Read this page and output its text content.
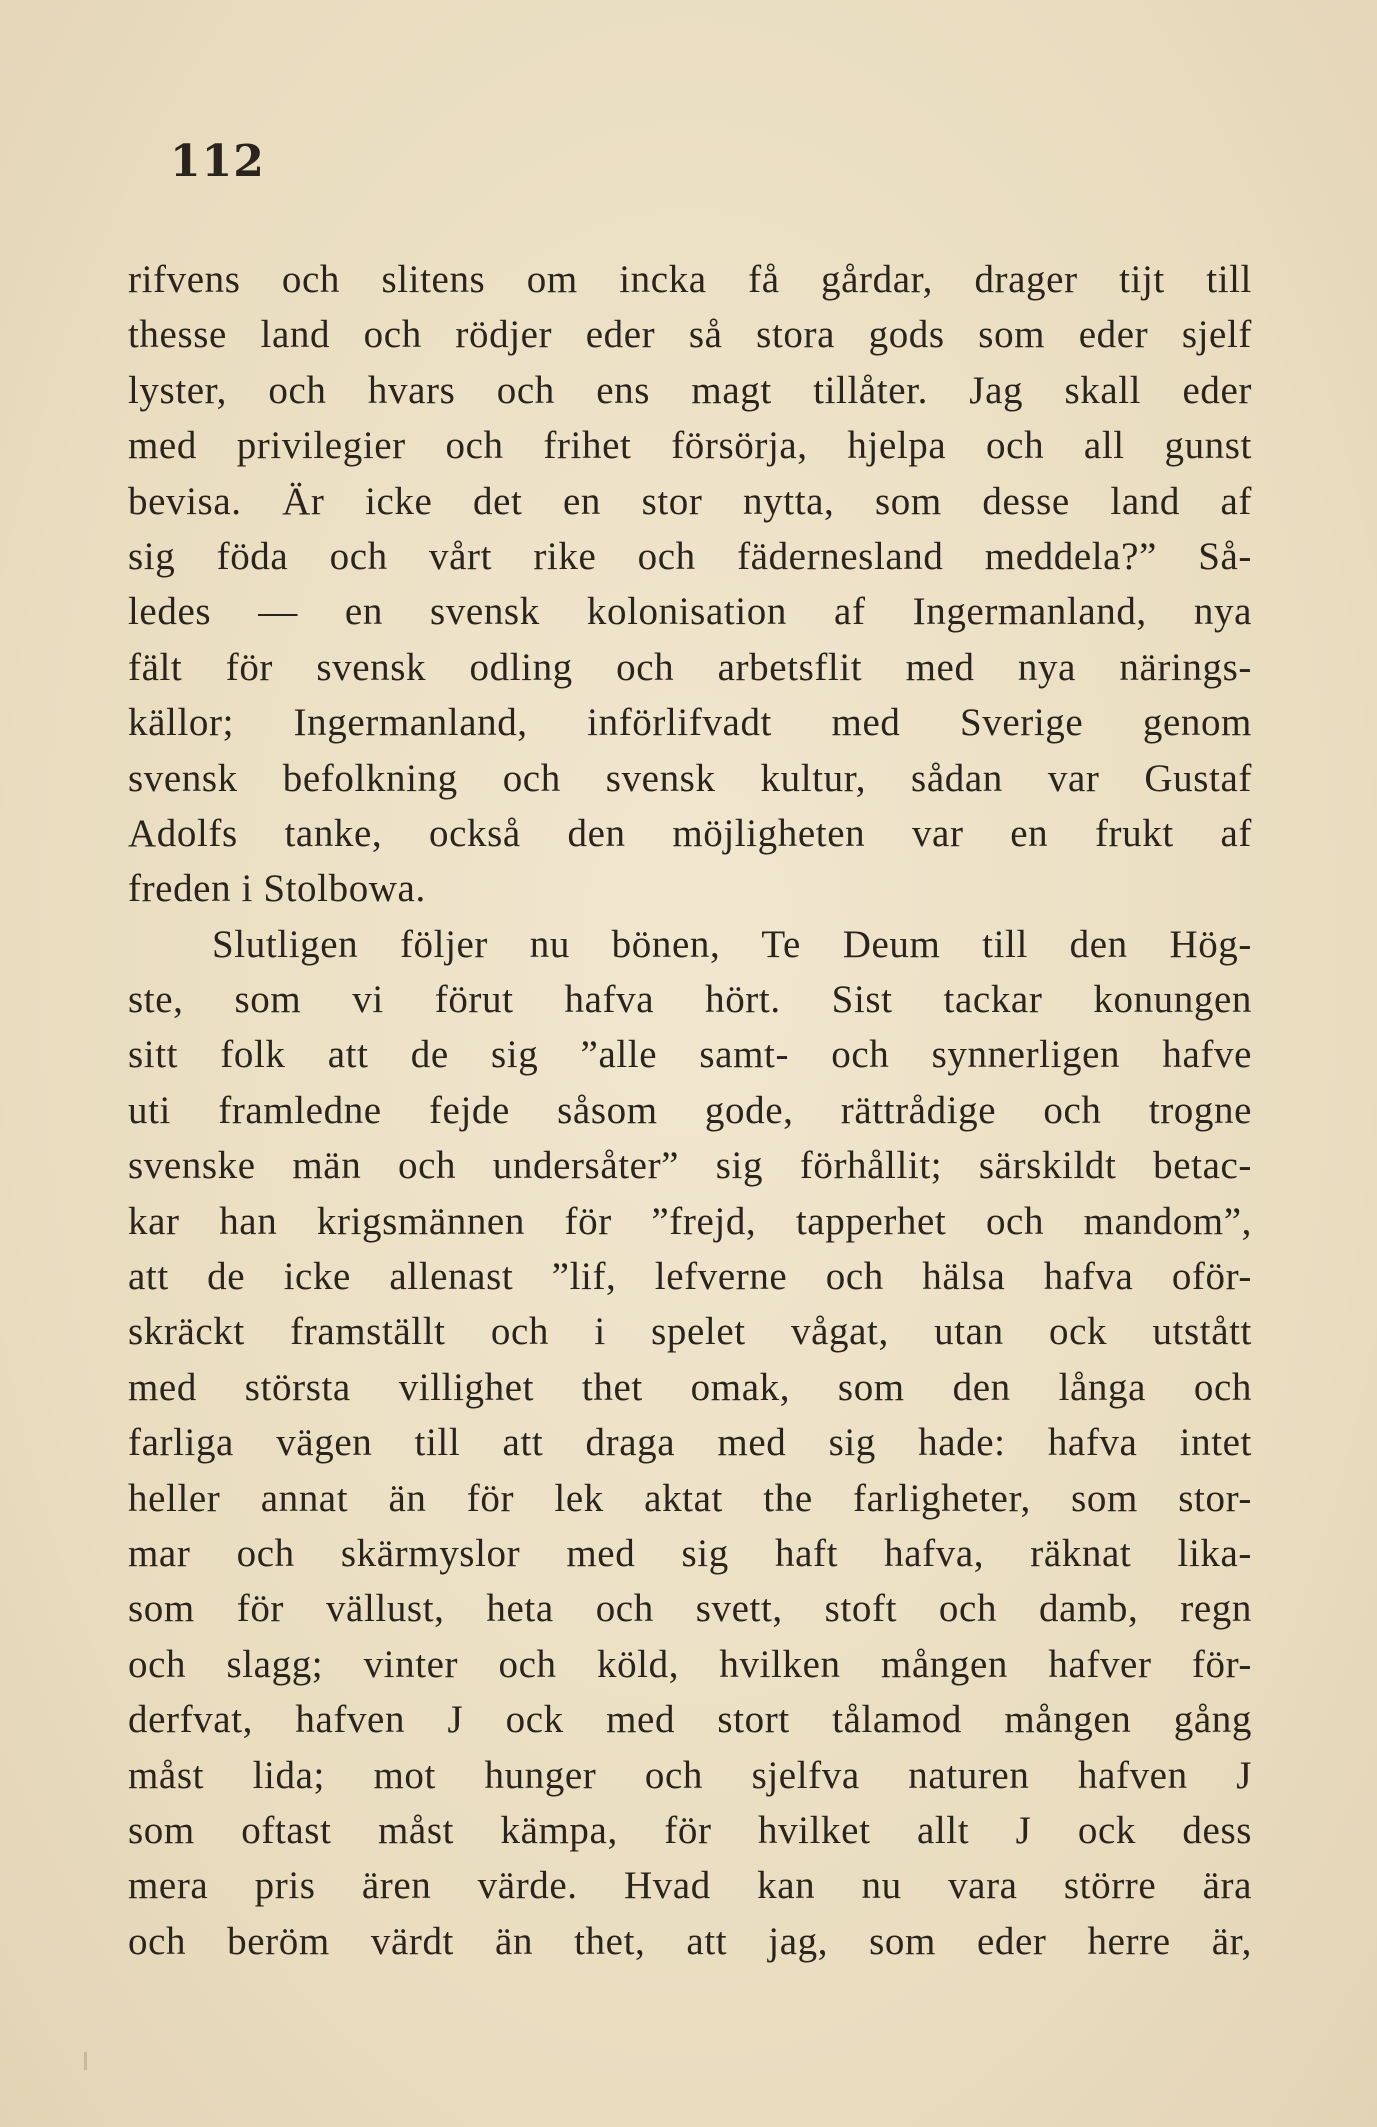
112
rifvens och slitens om incka få gårdar, drager tijt till
thesse land och rödjer eder så stora gods som eder sjelf
lyster, och hvars och ens magt tillåter. Jag skall eder
med privilegier och frihet försörja, hjelpa och all gunst
bevisa. Är icke det en stor nytta, som desse land af
sig föda och vårt rike och fädernesland meddela?” Så-
ledes — en svensk kolonisation af Ingermanland, nya
fält för svensk odling och arbetsflit med nya närings-
källor; Ingermanland, införlifvadt med Sverige genom
svensk befolkning och svensk kultur, sådan var Gustaf
Adolfs tanke, också den möjligheten var en frukt af
freden i Stolbowa.
Slutligen följer nu bönen, Te Deum till den Hög-
ste, som vi förut hafva hört. Sist tackar konungen
sitt folk att de sig ”alle samt- och synnerligen hafve
uti framledne fejde såsom gode, rättrådige och trogne
svenske män och undersåter” sig förhållit; särskildt betac-
kar han krigsmännen för ”frejd, tapperhet och mandom”,
att de icke allenast ”lif, lefverne och hälsa hafva oför-
skräckt framställt och i spelet vågat, utan ock utstått
med största villighet thet omak, som den långa och
farliga vägen till att draga med sig hade: hafva intet
heller annat än för lek aktat the farligheter, som stor-
mar och skärmyslor med sig haft hafva, räknat lika-
som för vällust, heta och svett, stoft och damb, regn
och slagg; vinter och köld, hvilken mången hafver för-
derfvat, hafven J ock med stort tålamod mången gång
måst lida; mot hunger och sjelfva naturen hafven J
som oftast måst kämpa, för hvilket allt J ock dess
mera pris ären värde. Hvad kan nu vara större ära
och beröm värdt än thet, att jag, som eder herre är,
